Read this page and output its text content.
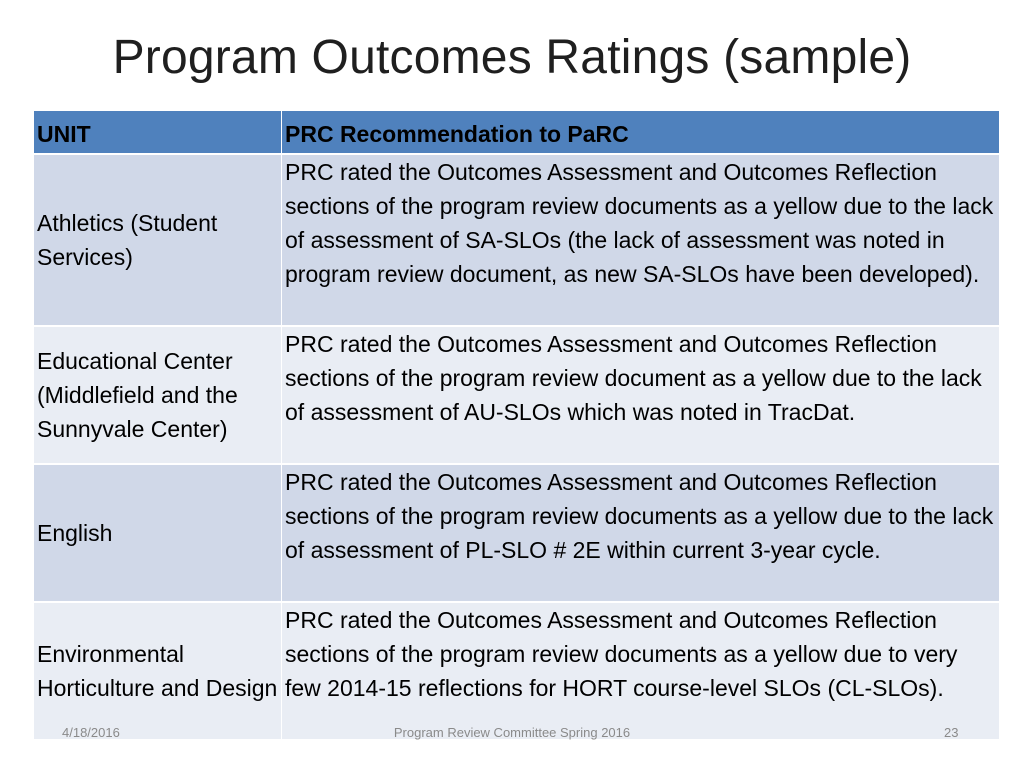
Program Outcomes Ratings (sample)
UNIT	PRC Recommendation to PaRC
Athletics (Student Services)	PRC rated the Outcomes Assessment and Outcomes Reflection sections of the program review documents as a yellow due to the lack of assessment of SA-SLOs (the lack of assessment was noted in program review document, as new SA-SLOs have been developed).
Educational Center (Middlefield and the Sunnyvale Center)	PRC rated the Outcomes Assessment and Outcomes Reflection sections of the program review document as a yellow due to the lack of assessment of AU-SLOs which was noted in TracDat.
English	PRC rated the Outcomes Assessment and Outcomes Reflection sections of the program review documents as a yellow due to the lack of assessment of PL-SLO # 2E within current 3-year cycle.
Environmental Horticulture and Design	PRC rated the Outcomes Assessment and Outcomes Reflection sections of the program review documents as a yellow due to very few 2014-15 reflections for HORT course-level SLOs (CL-SLOs).
4/18/2016	Program Review Committee Spring 2016	23
